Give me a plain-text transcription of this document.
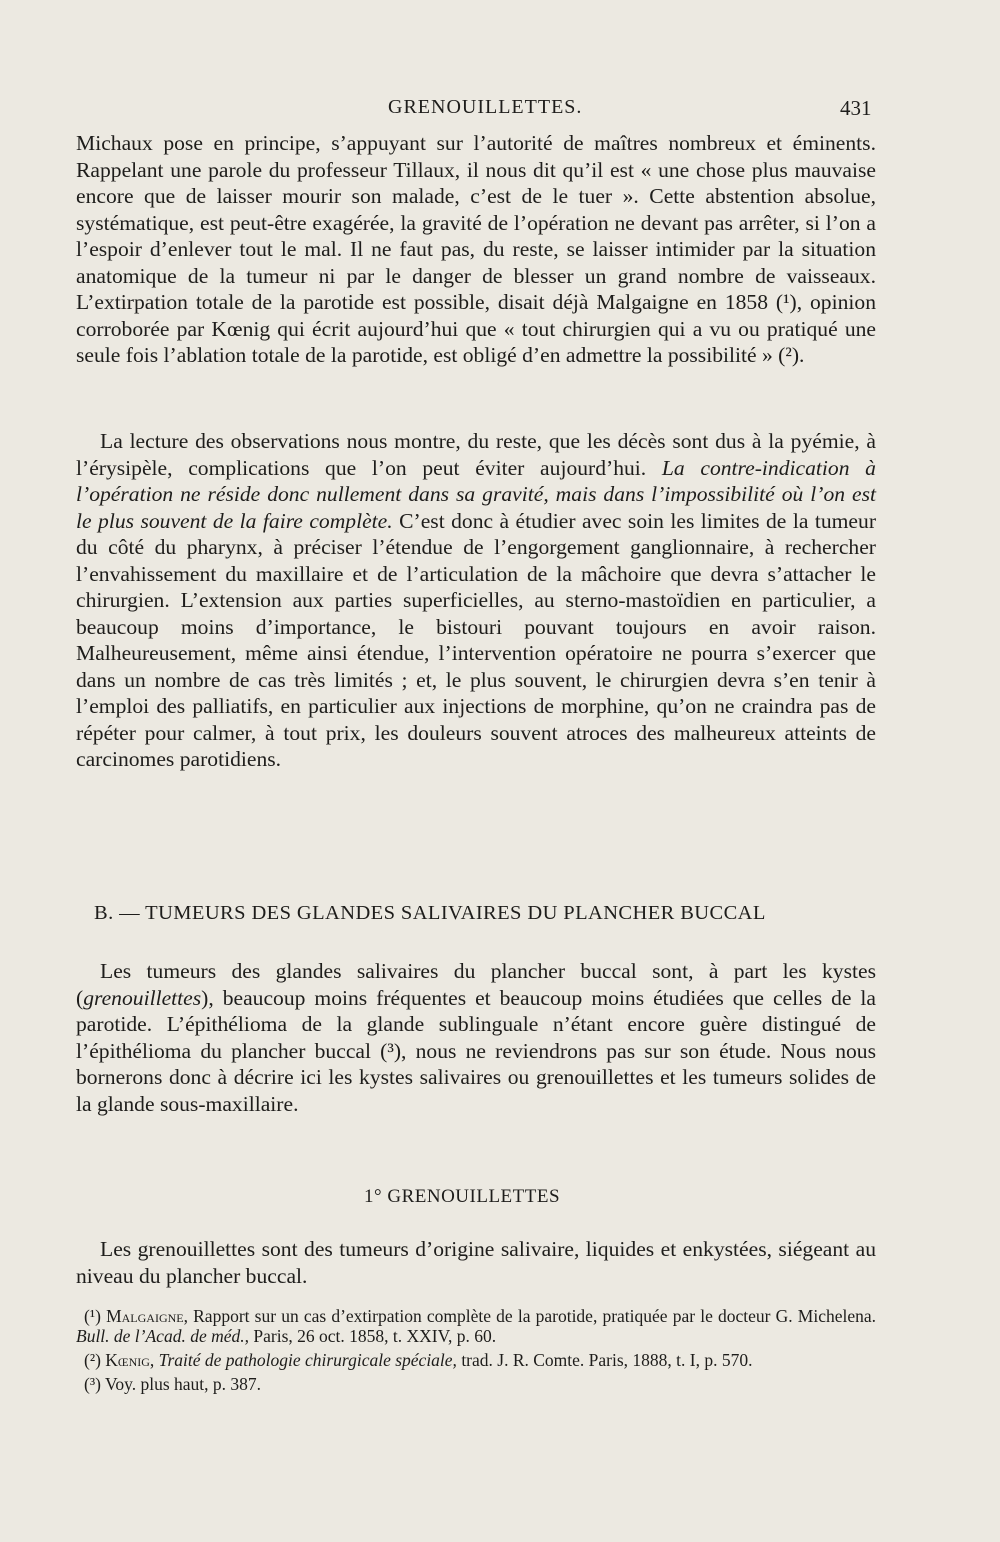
GRENOUILLETTES.	431

Michaux pose en principe, s’appuyant sur l’autorité de maîtres nombreux et éminents. Rappelant une parole du professeur Tillaux, il nous dit qu’il est « une chose plus mauvaise encore que de laisser mourir son malade, c’est de le tuer ». Cette abstention absolue, systématique, est peut-être exagérée, la gravité de l’opération ne devant pas arrêter, si l’on a l’espoir d’enlever tout le mal. Il ne faut pas, du reste, se laisser intimider par la situation anatomique de la tumeur ni par le danger de blesser un grand nombre de vaisseaux. L’extirpation totale de la parotide est possible, disait déjà Malgaigne en 1858 (¹), opinion corroborée par Kœnig qui écrit aujourd’hui que « tout chirurgien qui a vu ou pratiqué une seule fois l’ablation totale de la parotide, est obligé d’en admettre la possibilité » (²).

La lecture des observations nous montre, du reste, que les décès sont dus à la pyémie, à l’érysipèle, complications que l’on peut éviter aujourd’hui. La contre-indication à l’opération ne réside donc nullement dans sa gravité, mais dans l’impossibilité où l’on est le plus souvent de la faire complète. C’est donc à étudier avec soin les limites de la tumeur du côté du pharynx, à préciser l’étendue de l’engorgement ganglionnaire, à rechercher l’envahissement du maxillaire et de l’articulation de la mâchoire que devra s’attacher le chirurgien. L’extension aux parties superficielles, au sterno-mastoïdien en particulier, a beaucoup moins d’importance, le bistouri pouvant toujours en avoir raison. Malheureusement, même ainsi étendue, l’intervention opératoire ne pourra s’exercer que dans un nombre de cas très limités ; et, le plus souvent, le chirurgien devra s’en tenir à l’emploi des palliatifs, en particulier aux injections de morphine, qu’on ne craindra pas de répéter pour calmer, à tout prix, les douleurs souvent atroces des malheureux atteints de carcinomes parotidiens.

B. — TUMEURS DES GLANDES SALIVAIRES DU PLANCHER BUCCAL

Les tumeurs des glandes salivaires du plancher buccal sont, à part les kystes (grenouillettes), beaucoup moins fréquentes et beaucoup moins étudiées que celles de la parotide. L’épithélioma de la glande sublinguale n’étant encore guère distingué de l’épithélioma du plancher buccal (³), nous ne reviendrons pas sur son étude. Nous nous bornerons donc à décrire ici les kystes salivaires ou grenouillettes et les tumeurs solides de la glande sous-maxillaire.

1° GRENOUILLETTES

Les grenouillettes sont des tumeurs d’origine salivaire, liquides et enkystées, siégeant au niveau du plancher buccal.

(¹) Malgaigne, Rapport sur un cas d’extirpation complète de la parotide, pratiquée par le docteur G. Michelena. Bull. de l’Acad. de méd., Paris, 26 oct. 1858, t. XXIV, p. 60.

(²) Kœnig, Traité de pathologie chirurgicale spéciale, trad. J. R. Comte. Paris, 1888, t. I, p. 570.

(³) Voy. plus haut, p. 387.
